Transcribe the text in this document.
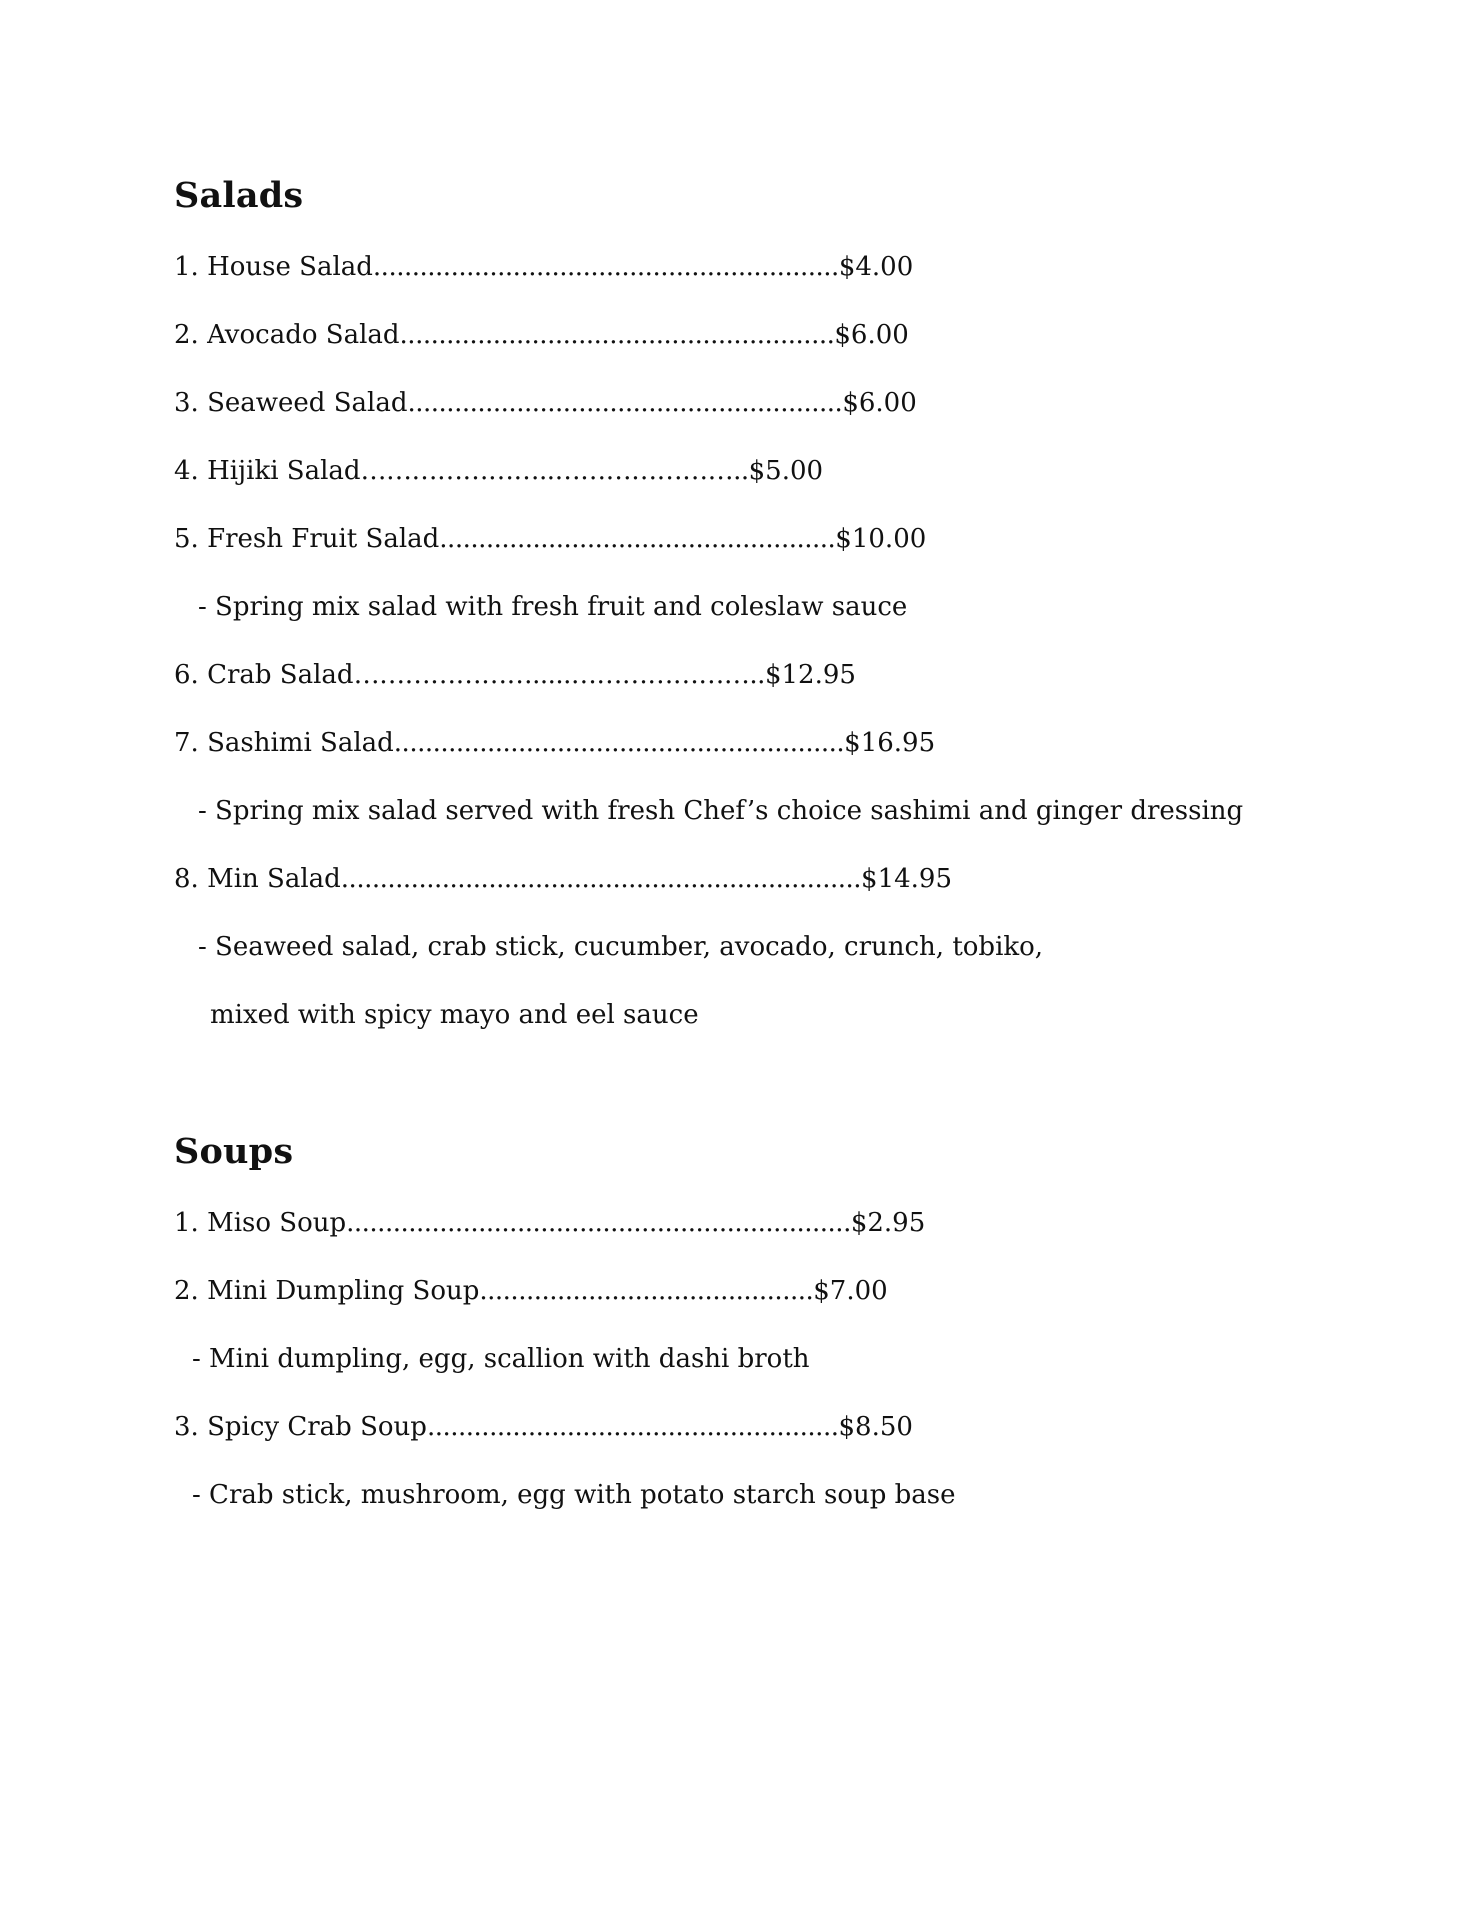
Salads
1. House Salad............................................................$4.00
2. Avocado Salad........................................................$6.00
3. Seaweed Salad........................................................$6.00
4. Hijiki Salad…………………..…………………..$5.00
5. Fresh Fruit Salad...................................................$10.00
- Spring mix salad with fresh fruit and coleslaw sauce
6. Crab Salad………………….....…………………..$12.95
7. Sashimi Salad..........................................................$16.95
- Spring mix salad served with fresh Chef’s choice sashimi and ginger dressing
8. Min Salad...................................................................$14.95
- Seaweed salad, crab stick, cucumber, avocado, crunch, tobiko,
mixed with spicy mayo and eel sauce
Soups
1. Miso Soup.................................................................$2.95
2. Mini Dumpling Soup...........................................$7.00
- Mini dumpling, egg, scallion with dashi broth
3. Spicy Crab Soup.....................................................$8.50
- Crab stick, mushroom, egg with potato starch soup base
